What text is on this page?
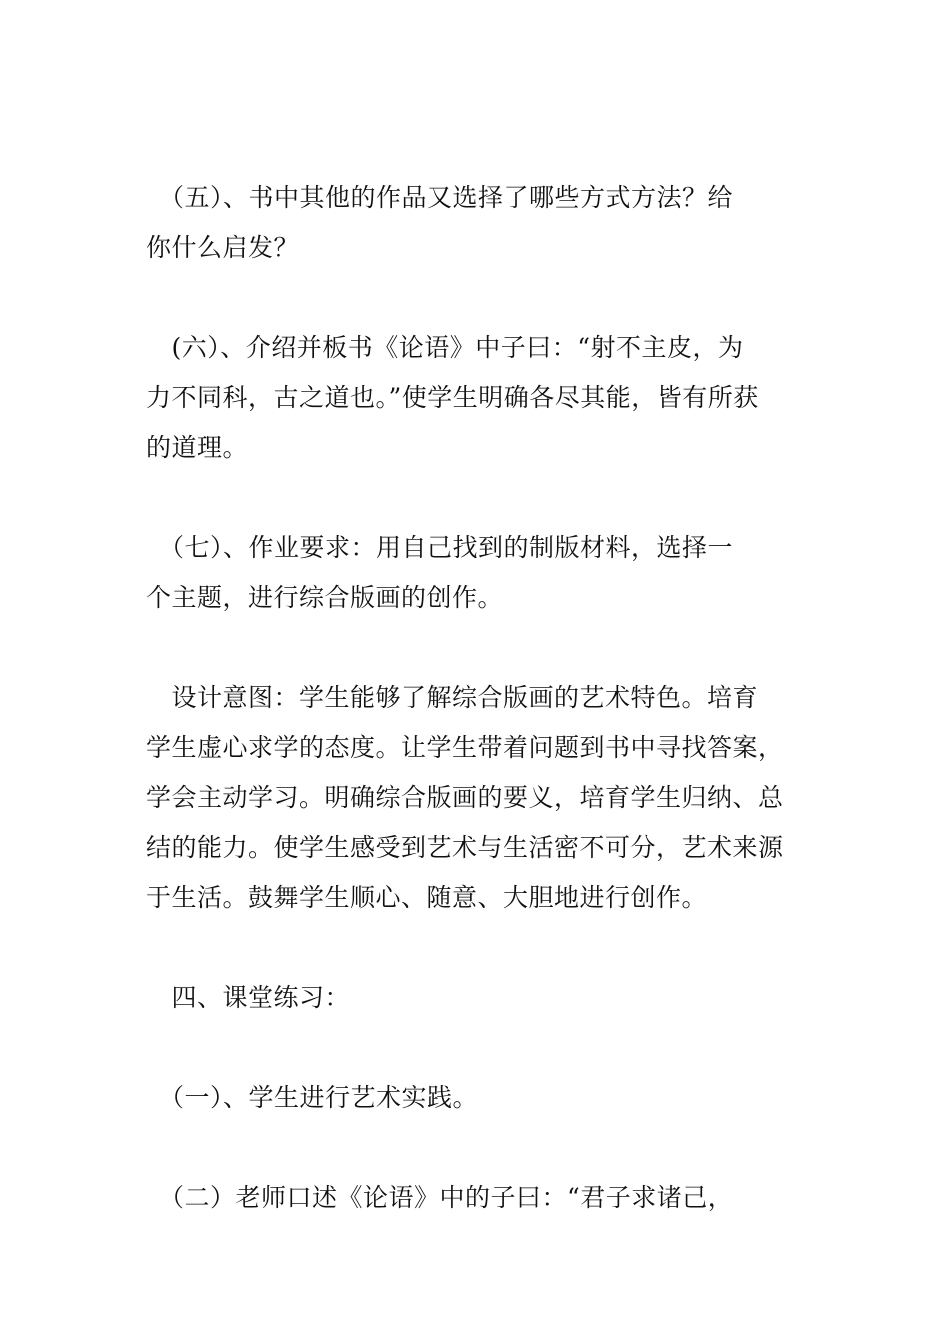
　（五）、书中其他的作品又选择了哪些方式方法？给
你什么启发？
　(六）、介绍并板书《论语》中子曰：“射不主皮，为
力不同科，古之道也。”使学生明确各尽其能，皆有所获
的道理。
　（七）、作业要求：用自己找到的制版材料，选择一
个主题，进行综合版画的创作。
　设计意图：学生能够了解综合版画的艺术特色。培育
学生虚心求学的态度。让学生带着问题到书中寻找答案，
学会主动学习。明确综合版画的要义，培育学生归纳、总
结的能力。使学生感受到艺术与生活密不可分，艺术来源
于生活。鼓舞学生顺心、随意、大胆地进行创作。
　四、课堂练习：
　（一）、学生进行艺术实践。
　（二）老师口述《论语》中的子曰：“君子求诸己，
